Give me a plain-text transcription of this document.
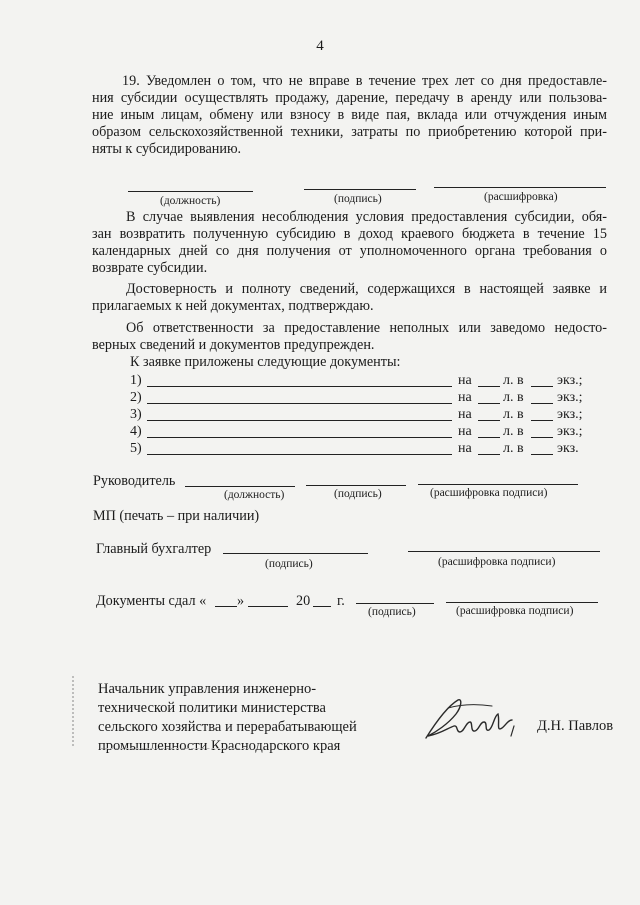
4
19. Уведомлен о том, что не вправе в течение трех лет со дня предоставле-
ния субсидии осуществлять продажу, дарение, передачу в аренду или пользова-
ние иным лицам, обмену или взносу в виде пая, вклада или отчуждения иным
образом сельскохозяйственной техники, затраты по приобретению которой при-
няты к субсидированию.
(должность)	(подпись)	(расшифровка)
В случае выявления несоблюдения условия предоставления субсидии, обя-
зан возвратить полученную субсидию в доход краевого бюджета в течение 15
календарных дней со дня получения от уполномоченного органа требования о
возврате субсидии.
Достоверность и полноту сведений, содержащихся в настоящей заявке и
прилагаемых к ней документах, подтверждаю.
Об ответственности за предоставление неполных или заведомо недосто-
верных сведений и документов предупрежден.
К заявке приложены следующие документы:
1)	на л. в экз.;
2)	на л. в экз.;
3)	на л. в экз.;
4)	на л. в экз.;
5)	на л. в экз.
Руководитель
(должность)	(подпись)	(расшифровка подписи)
МП (печать – при наличии)
Главный бухгалтер
(подпись)	(расшифровка подписи)
Документы сдал « »	20 г.
(подпись)	(расшифровка подписи)
Начальник управления инженерно-
технической политики министерства
сельского хозяйства и перерабатывающей
промышленности Краснодарского края
Д.Н. Павлов
